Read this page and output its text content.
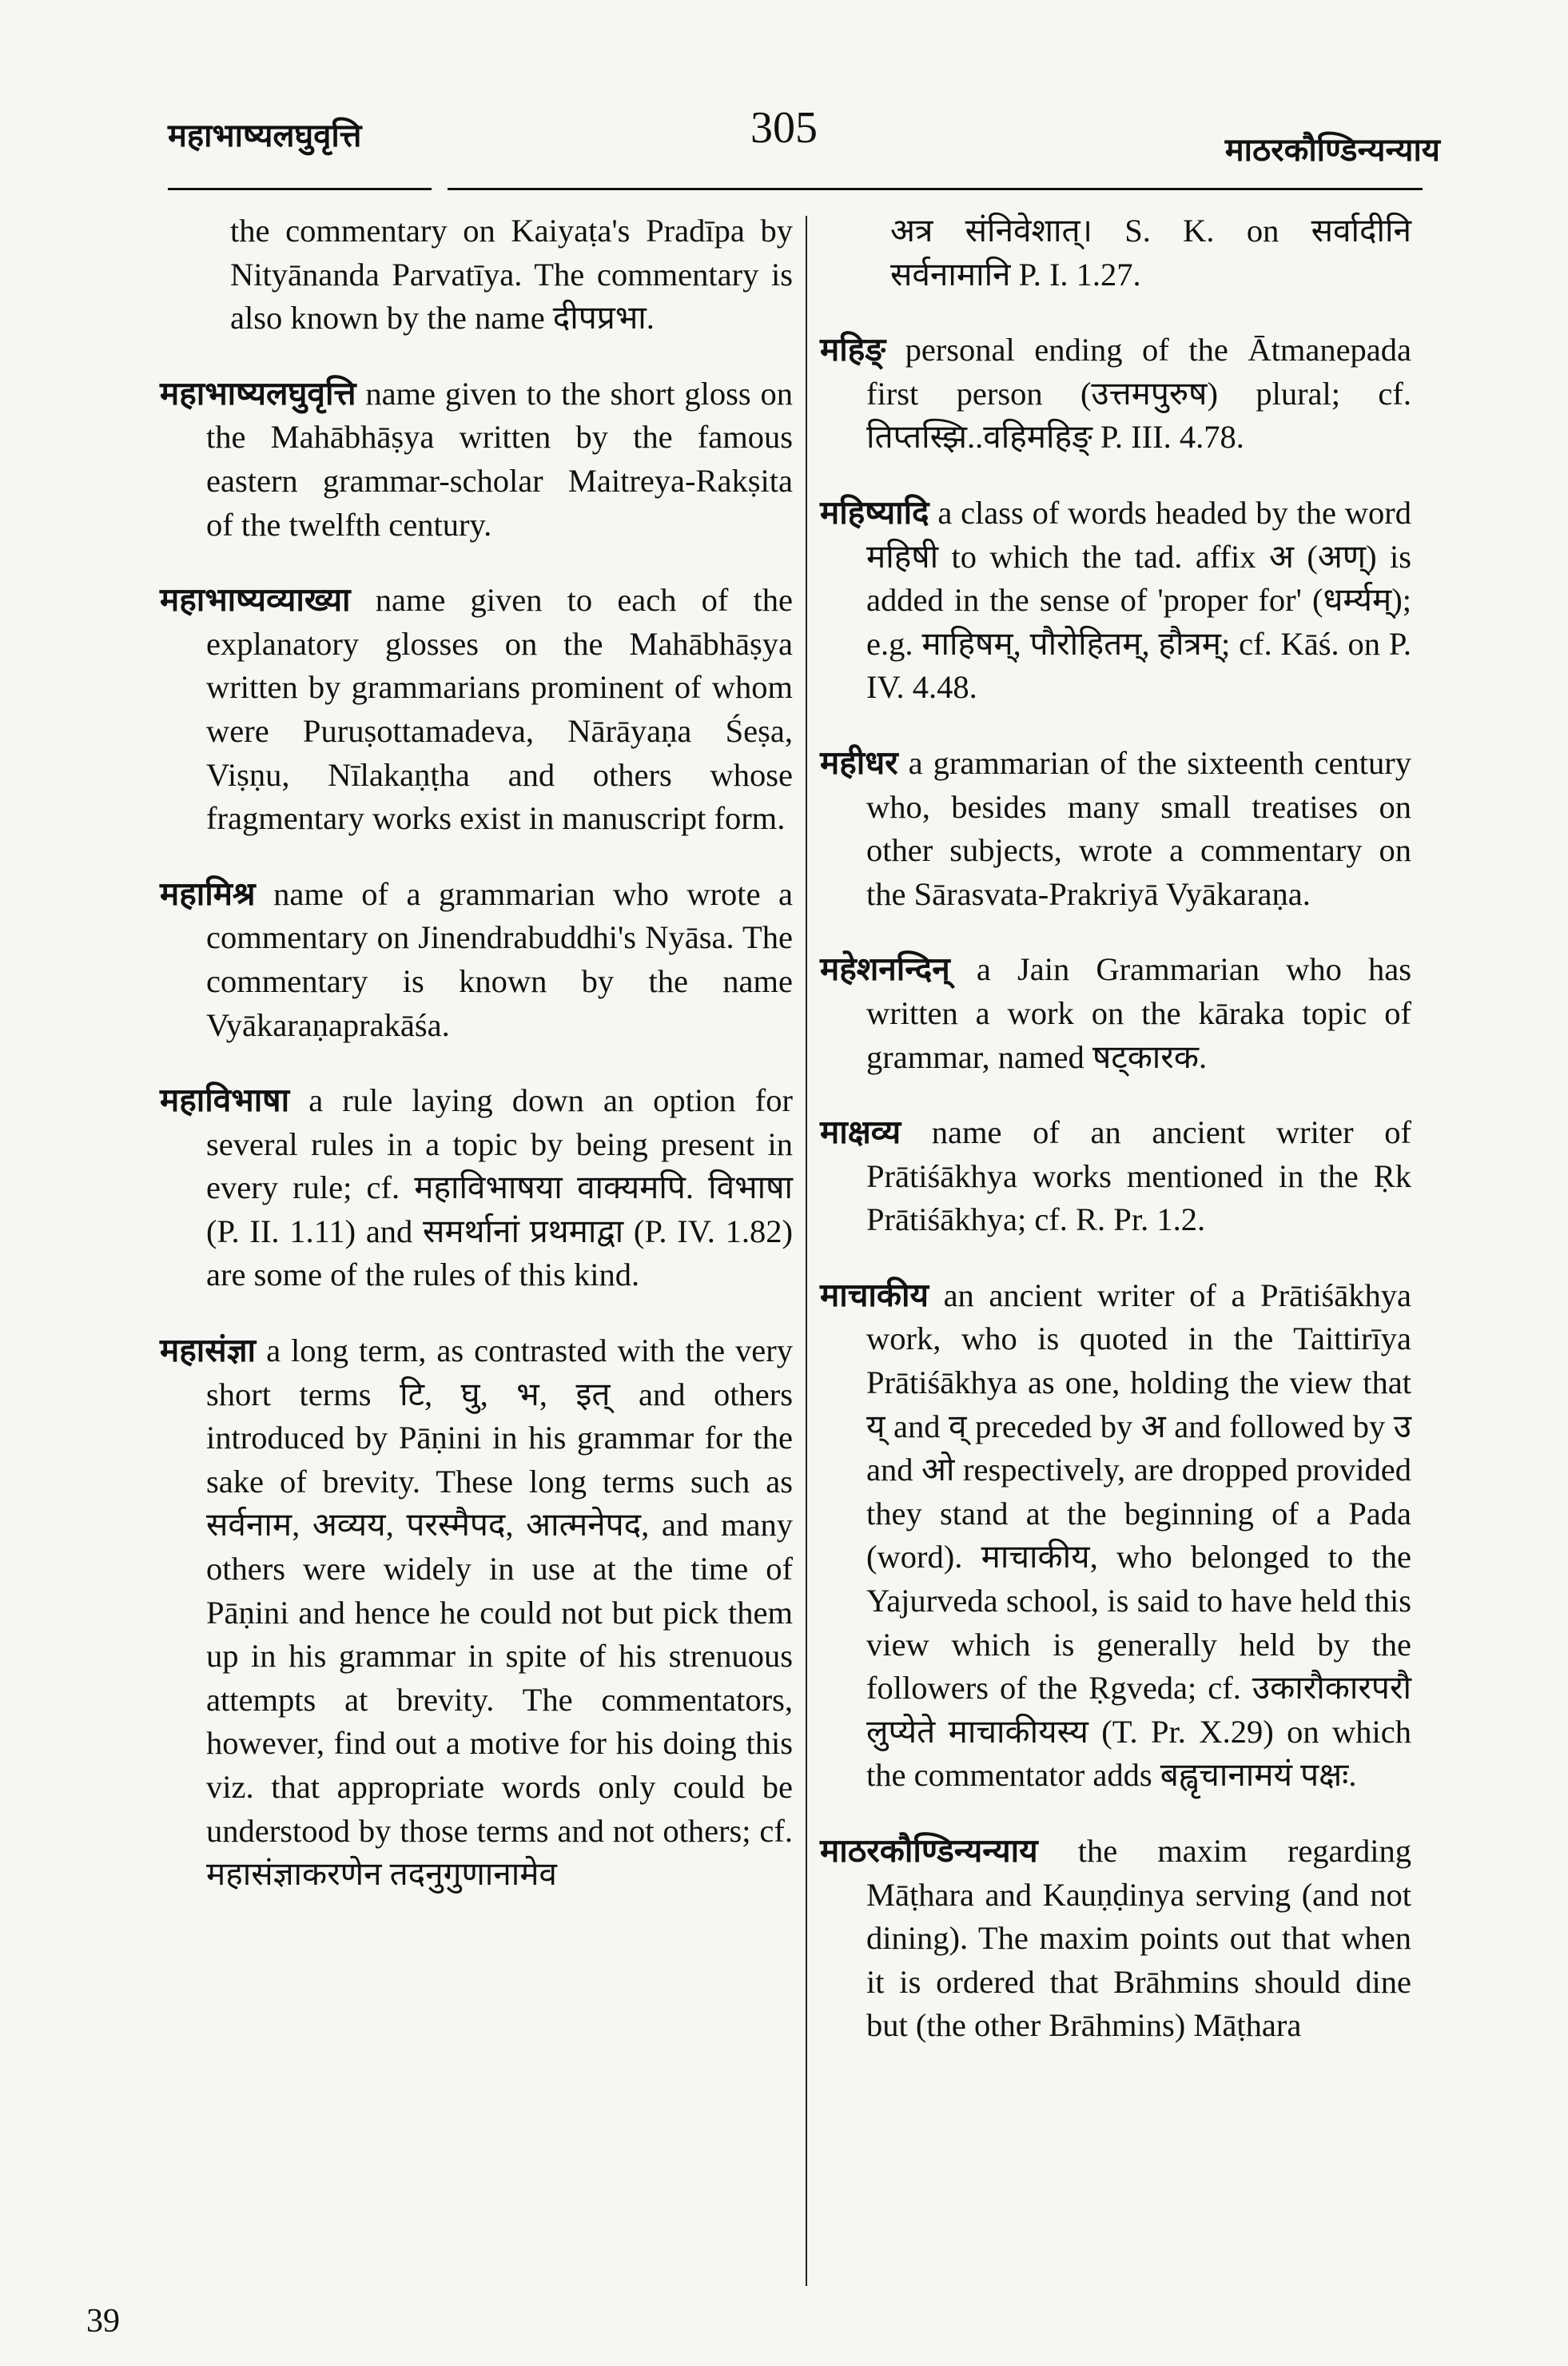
महाभाष्यलघुवृत्ति	305	माठरकौण्डिन्यन्याय

the commentary on Kaiyaṭa's Pradīpa by Nityānanda Parvatīya. The commentary is also known by the name दीपप्रभा.

महाभाष्यलघुवृत्ति name given to the short gloss on the Mahābhāṣya written by the famous eastern grammar-scholar Maitreya-Rakṣita of the twelfth century.

महाभाष्यव्याख्या name given to each of the explanatory glosses on the Mahābhāṣya written by grammarians prominent of whom were Puruṣottamadeva, Nārāyaṇa Śeṣa, Viṣṇu, Nīlakaṇṭha and others whose fragmentary works exist in manuscript form.

महामिश्र name of a grammarian who wrote a commentary on Jinendrabuddhi's Nyāsa. The commentary is known by the name Vyākaraṇaprakāśa.

महाविभाषा a rule laying down an option for several rules in a topic by being present in every rule; cf. महाविभाषया वाक्यमपि. विभाषा (P. II. 1.11) and समर्थानां प्रथमाद्वा (P. IV. 1.82) are some of the rules of this kind.

महासंज्ञा a long term, as contrasted with the very short terms टि, घु, भ, इत् and others introduced by Pāṇini in his grammar for the sake of brevity. These long terms such as सर्वनाम, अव्यय, परस्मैपद, आत्मनेपद, and many others were widely in use at the time of Pāṇini and hence he could not but pick them up in his grammar in spite of his strenuous attempts at brevity. The commentators, however, find out a motive for his doing this viz. that appropriate words only could be understood by those terms and not others; cf. महासंज्ञाकरणेन तदनुगुणानामेव

अत्र संनिवेशात्। S. K. on सर्वादीनि सर्वनामानि P. I. 1.27.

महिङ् personal ending of the Ātmanepada first person (उत्तमपुरुष) plural; cf. तिप्तस्झि..वहिमहिङ् P. III. 4.78.

महिष्यादि a class of words headed by the word महिषी to which the tad. affix अ (अण्) is added in the sense of 'proper for' (धर्म्यम्); e.g. माहिषम्, पौरोहितम्, हौत्रम्; cf. Kāś. on P. IV. 4.48.

महीधर a grammarian of the sixteenth century who, besides many small treatises on other subjects, wrote a commentary on the Sārasvata-Prakriyā Vyākaraṇa.

महेशनन्दिन् a Jain Grammarian who has written a work on the kāraka topic of grammar, named षट्कारक.

माक्षव्य name of an ancient writer of Prātiśākhya works mentioned in the Ṛk Prātiśākhya; cf. R. Pr. 1.2.

माचाकीय an ancient writer of a Prātiśākhya work, who is quoted in the Taittirīya Prātiśākhya as one, holding the view that य् and व् preceded by अ and followed by उ and ओ respectively, are dropped provided they stand at the beginning of a Pada (word). माचाकीय, who belonged to the Yajurveda school, is said to have held this view which is generally held by the followers of the Ṛgveda; cf. उकारौकारपरौ लुप्येते माचाकीयस्य (T. Pr. X.29) on which the commentator adds बह्वृचानामयं पक्षः.

माठरकौण्डिन्यन्याय the maxim regarding Māṭhara and Kauṇḍinya serving (and not dining). The maxim points out that when it is ordered that Brāhmins should dine but (the other Brāhmins) Māṭhara

39
